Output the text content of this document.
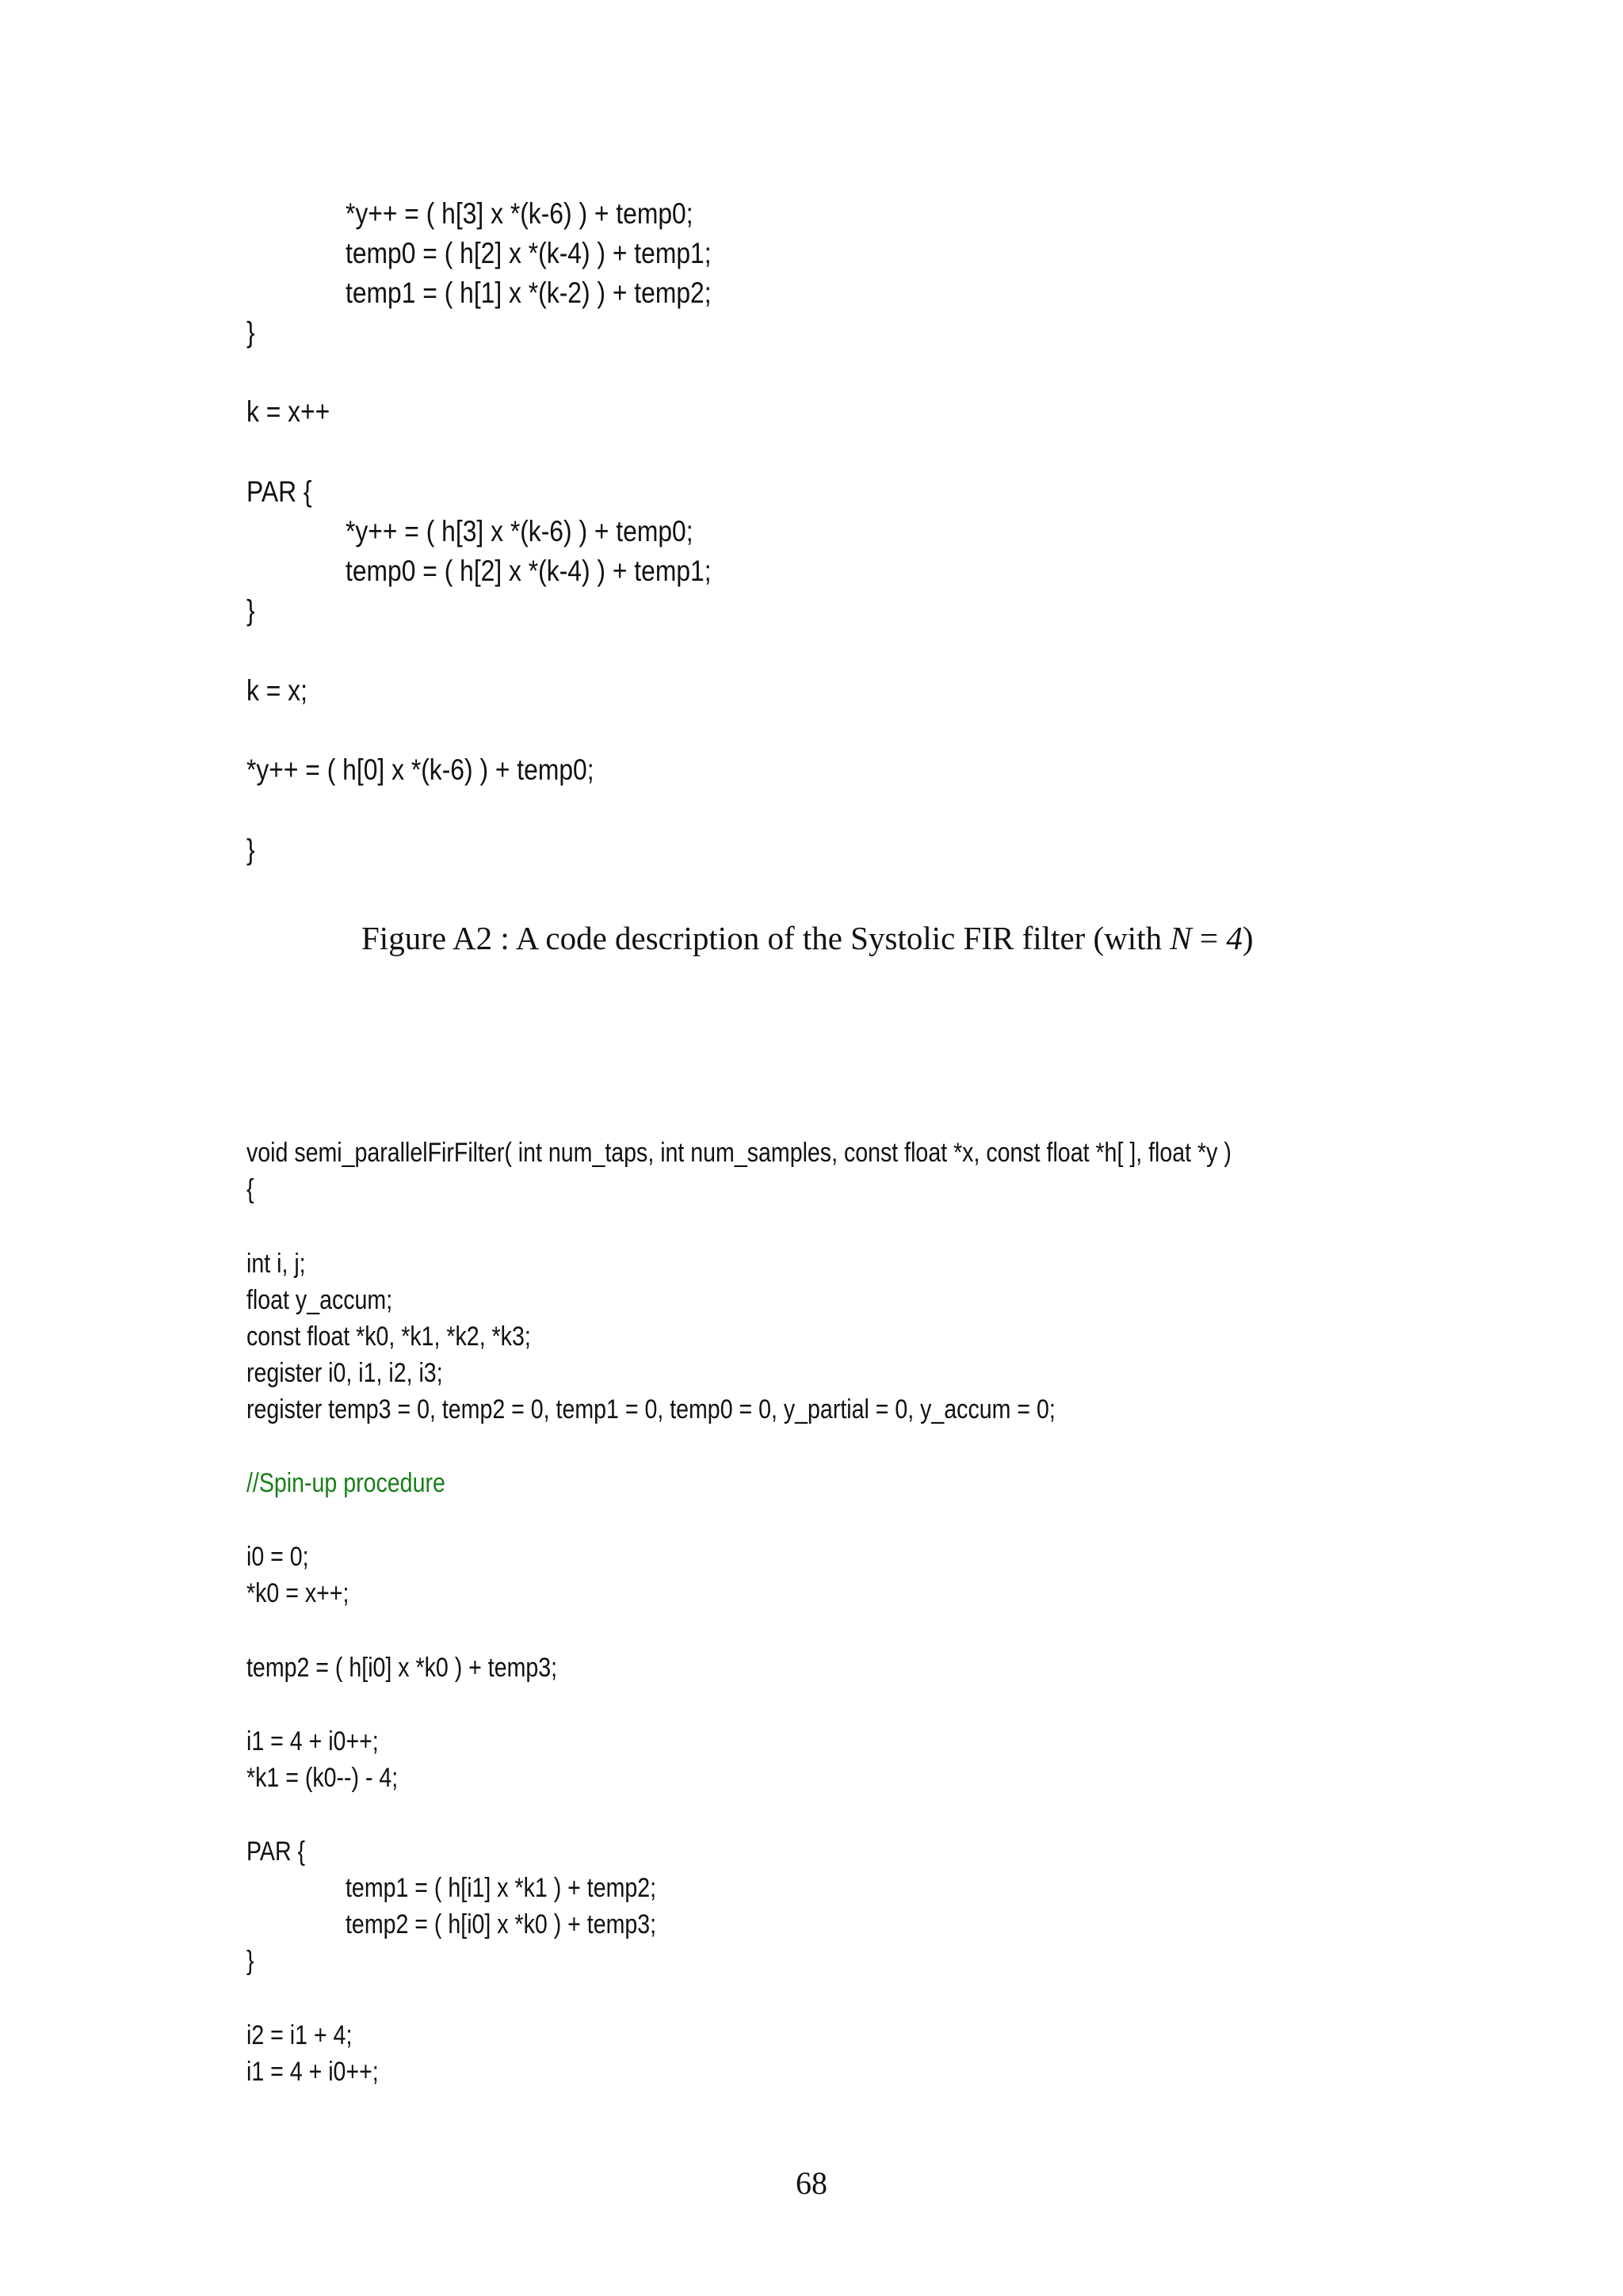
*y++ = ( h[3] x *(k-6) ) + temp0;
temp0 = ( h[2] x *(k-4) ) + temp1;
temp1 = ( h[1] x *(k-2) ) + temp2;
}
k = x++
PAR {
*y++ = ( h[3] x *(k-6) ) + temp0;
temp0 = ( h[2] x *(k-4) ) + temp1;
}
k = x;
*y++ = ( h[0] x *(k-6) ) + temp0;
}
Figure A2 : A code description of the Systolic FIR filter (with N = 4)
void semi_parallelFirFilter( int num_taps, int num_samples, const float *x, const float *h[ ], float *y )
{
int i, j;
float y_accum;
const float *k0, *k1, *k2, *k3;
register i0, i1, i2, i3;
register temp3 = 0, temp2 = 0, temp1 = 0, temp0 = 0, y_partial = 0, y_accum = 0;
//Spin-up procedure
i0 = 0;
*k0 = x++;
temp2 = ( h[i0] x *k0 ) + temp3;
i1 = 4 + i0++;
*k1 = (k0--) - 4;
PAR {
temp1 = ( h[i1] x *k1 ) + temp2;
temp2 = ( h[i0] x *k0 ) + temp3;
}
i2 = i1 + 4;
i1 = 4 + i0++;
68
